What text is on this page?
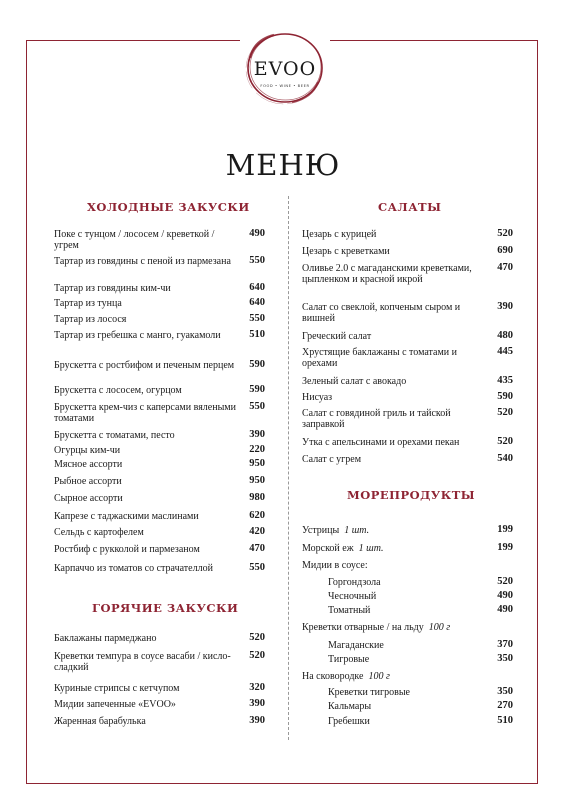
EVOO
FOOD • WINE • BEER
МЕНЮ
ХОЛОДНЫЕ ЗАКУСКИ
Поке с тунцом / лососем / креветкой / угрем
490
Тартар из говядины с пеной из пармезана	550
Тартар из говядины ким-чи	640
Тартар из тунца	640
Тартар из лосося	550
Тартар из гребешка с манго, гуакамоли	510
Брускетта с ростбифом и печеным перцем	590
Брускетта с лососем, огурцом	590
Брускетта крем-чиз с каперсами вялеными томатами
550
Брускетта с томатами, песто	390
Огурцы ким-чи	220
Мясное ассорти	950
Рыбное ассорти	950
Сырное ассорти	980
Капрезе с таджаскими маслинами	620
Сельдь с картофелем	420
Ростбиф с рукколой и пармезаном	470
Карпаччо из томатов со страчателлой	550
ГОРЯЧИЕ ЗАКУСКИ
Баклажаны пармеджано	520
Креветки темпура в соусе васаби / кисло-сладкий
520
Куриные стрипсы с кетчупом	320
Мидии запеченные «EVOO»	390
Жаренная барабулька	390
САЛАТЫ
Цезарь с курицей	520
Цезарь с креветками	690
Оливье 2.0 с магаданскими креветками, цыпленком и красной икрой
470
Салат со свеклой, копченым сыром и вишней
390
Греческий салат	480
Хрустящие баклажаны с томатами и орехами
445
Зеленый салат с авокадо	435
Нисуаз	590
Салат с говядиной гриль и тайской заправкой
520
Утка с апельсинами и орехами пекан	520
Салат с угрем	540
МОРЕПРОДУКТЫ
Устрицы 1 шт.	199
Морской еж 1 шт.	199
Мидии в соусе:
Горгондзола	520
Чесночный	490
Томатный	490
Креветки отварные / на льду 100 г
Магаданские	370
Тигровые	350
На сковородке 100 г
Креветки тигровые	350
Кальмары	270
Гребешки	510
